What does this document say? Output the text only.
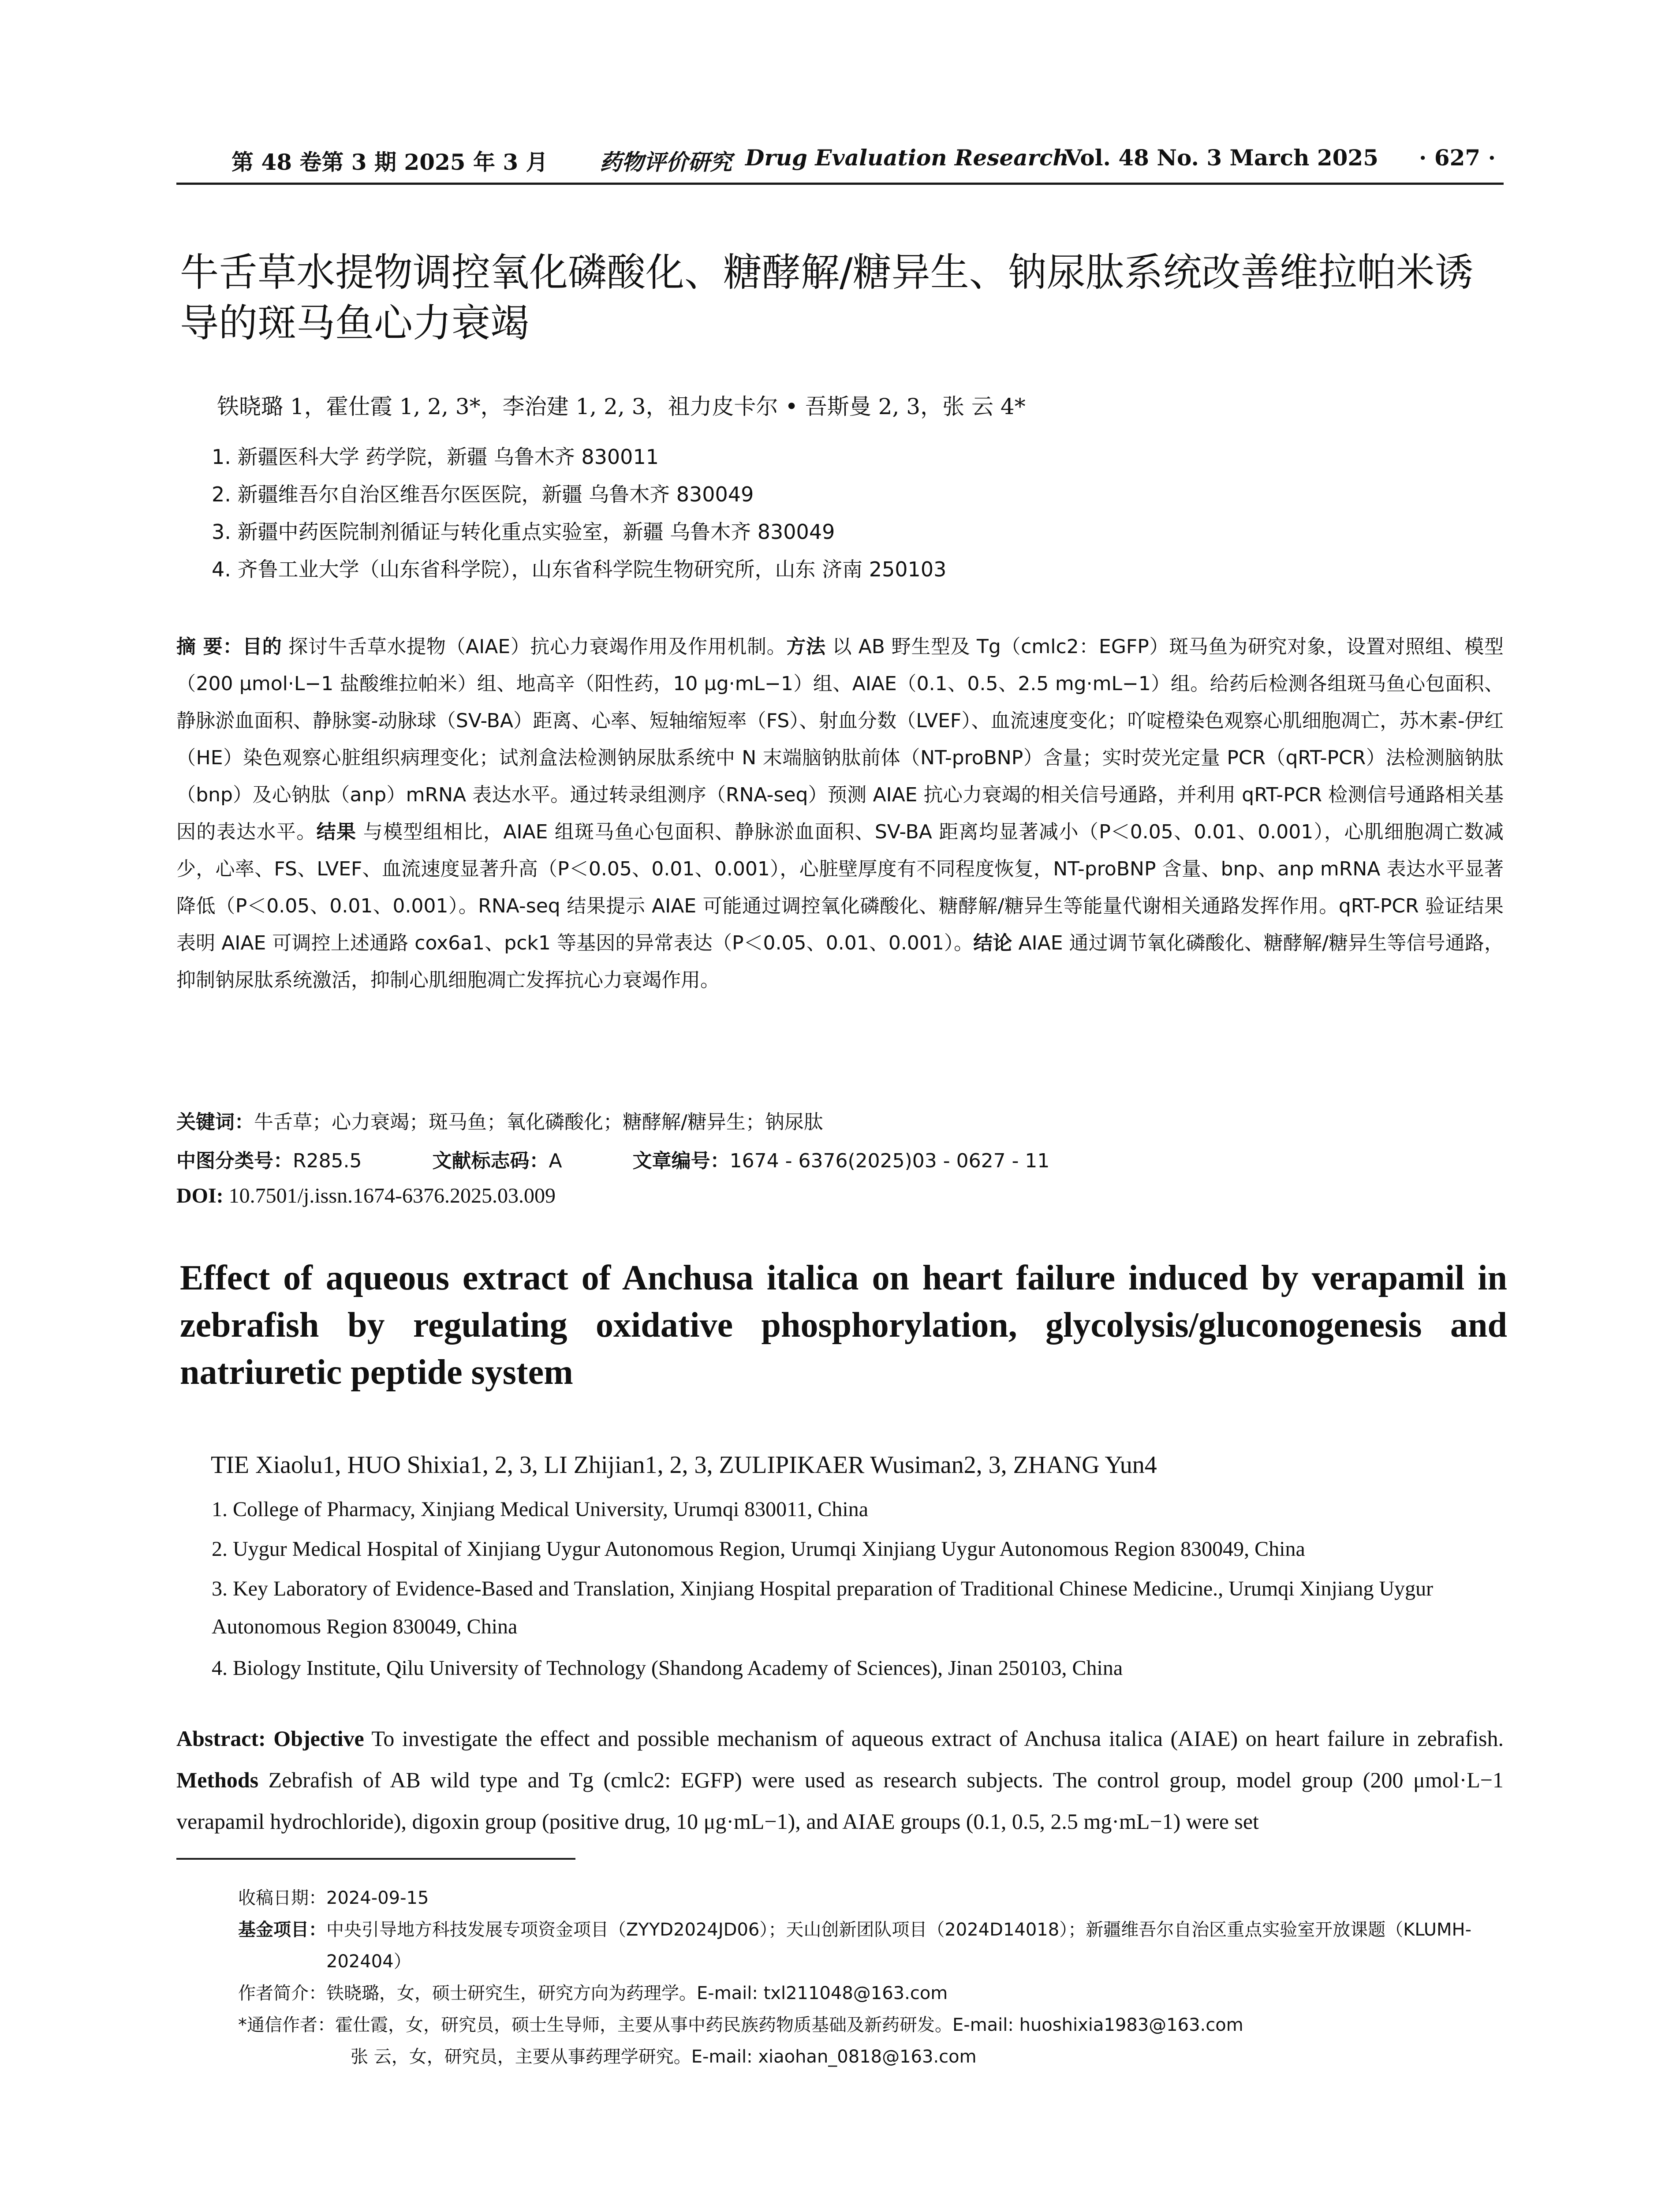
第 48 卷第 3 期 2025 年 3 月 药物评价研究 Drug Evaluation Research
Vol. 48 No. 3 March 2025 · 627 ·
牛舌草水提物调控氧化磷酸化、糖酵解/糖异生、钠尿肽系统改善维拉帕米诱导的斑马鱼心力衰竭
铁晓璐 1，霍仕霞 1, 2, 3*，李治建 1, 2, 3，祖力皮卡尔 • 吾斯曼 2, 3，张 云 4*
1. 新疆医科大学 药学院，新疆 乌鲁木齐 830011
2. 新疆维吾尔自治区维吾尔医医院，新疆 乌鲁木齐 830049
3. 新疆中药医院制剂循证与转化重点实验室，新疆 乌鲁木齐 830049
4. 齐鲁工业大学（山东省科学院），山东省科学院生物研究所，山东 济南 250103
摘 要：目的 探讨牛舌草水提物（AIAE）抗心力衰竭作用及作用机制。方法 以 AB 野生型及 Tg（cmlc2：EGFP）斑马鱼为研究对象，设置对照组、模型（200 μmol·L−1 盐酸维拉帕米）组、地高辛（阳性药，10 μg·mL−1）组、AIAE（0.1、0.5、2.5 mg·mL−1）组。给药后检测各组斑马鱼心包面积、静脉淤血面积、静脉窦-动脉球（SV-BA）距离、心率、短轴缩短率（FS）、射血分数（LVEF）、血流速度变化；吖啶橙染色观察心肌细胞凋亡，苏木素-伊红（HE）染色观察心脏组织病理变化；试剂盒法检测钠尿肽系统中 N 末端脑钠肽前体（NT-proBNP）含量；实时荧光定量 PCR（qRT-PCR）法检测脑钠肽（bnp）及心钠肽（anp）mRNA 表达水平。通过转录组测序（RNA-seq）预测 AIAE 抗心力衰竭的相关信号通路，并利用 qRT-PCR 检测信号通路相关基因的表达水平。结果 与模型组相比，AIAE 组斑马鱼心包面积、静脉淤血面积、SV-BA 距离均显著减小（P＜0.05、0.01、0.001），心肌细胞凋亡数减少，心率、FS、LVEF、血流速度显著升高（P＜0.05、0.01、0.001），心脏壁厚度有不同程度恢复，NT-proBNP 含量、bnp、anp mRNA 表达水平显著降低（P＜0.05、0.01、0.001）。RNA-seq 结果提示 AIAE 可能通过调控氧化磷酸化、糖酵解/糖异生等能量代谢相关通路发挥作用。qRT-PCR 验证结果表明 AIAE 可调控上述通路 cox6a1、pck1 等基因的异常表达（P＜0.05、0.01、0.001）。结论 AIAE 通过调节氧化磷酸化、糖酵解/糖异生等信号通路，抑制钠尿肽系统激活，抑制心肌细胞凋亡发挥抗心力衰竭作用。
关键词：牛舌草；心力衰竭；斑马鱼；氧化磷酸化；糖酵解/糖异生；钠尿肽
中图分类号：R285.5	文献标志码：A	文章编号：1674 - 6376(2025)03 - 0627 - 11
DOI: 10.7501/j.issn.1674-6376.2025.03.009
Effect of aqueous extract of Anchusa italica on heart failure induced by verapamil in zebrafish by regulating oxidative phosphorylation, glycolysis/gluconogenesis and natriuretic peptide system
TIE Xiaolu1, HUO Shixia1, 2, 3, LI Zhijian1, 2, 3, ZULIPIKAER Wusiman2, 3, ZHANG Yun4
1. College of Pharmacy, Xinjiang Medical University, Urumqi 830011, China
2. Uygur Medical Hospital of Xinjiang Uygur Autonomous Region, Urumqi Xinjiang Uygur Autonomous Region 830049, China
3. Key Laboratory of Evidence-Based and Translation, Xinjiang Hospital preparation of Traditional Chinese Medicine., Urumqi Xinjiang Uygur Autonomous Region 830049, China
4. Biology Institute, Qilu University of Technology (Shandong Academy of Sciences), Jinan 250103, China
Abstract: Objective To investigate the effect and possible mechanism of aqueous extract of Anchusa italica (AIAE) on heart failure in zebrafish. Methods Zebrafish of AB wild type and Tg (cmlc2: EGFP) were used as research subjects. The control group, model group (200 μmol·L−1 verapamil hydrochloride), digoxin group (positive drug, 10 μg·mL−1), and AIAE groups (0.1, 0.5, 2.5 mg·mL−1) were set
收稿日期：2024-09-15
基金项目：中央引导地方科技发展专项资金项目（ZYYD2024JD06）；天山创新团队项目（2024D14018）；新疆维吾尔自治区重点实验室开放课题（KLUMH-202404）
作者简介：铁晓璐，女，硕士研究生，研究方向为药理学。E-mail: txl211048@163.com
*通信作者：霍仕霞，女，研究员，硕士生导师，主要从事中药民族药物质基础及新药研发。E-mail: huoshixia1983@163.com
张 云，女，研究员，主要从事药理学研究。E-mail: xiaohan_0818@163.com
